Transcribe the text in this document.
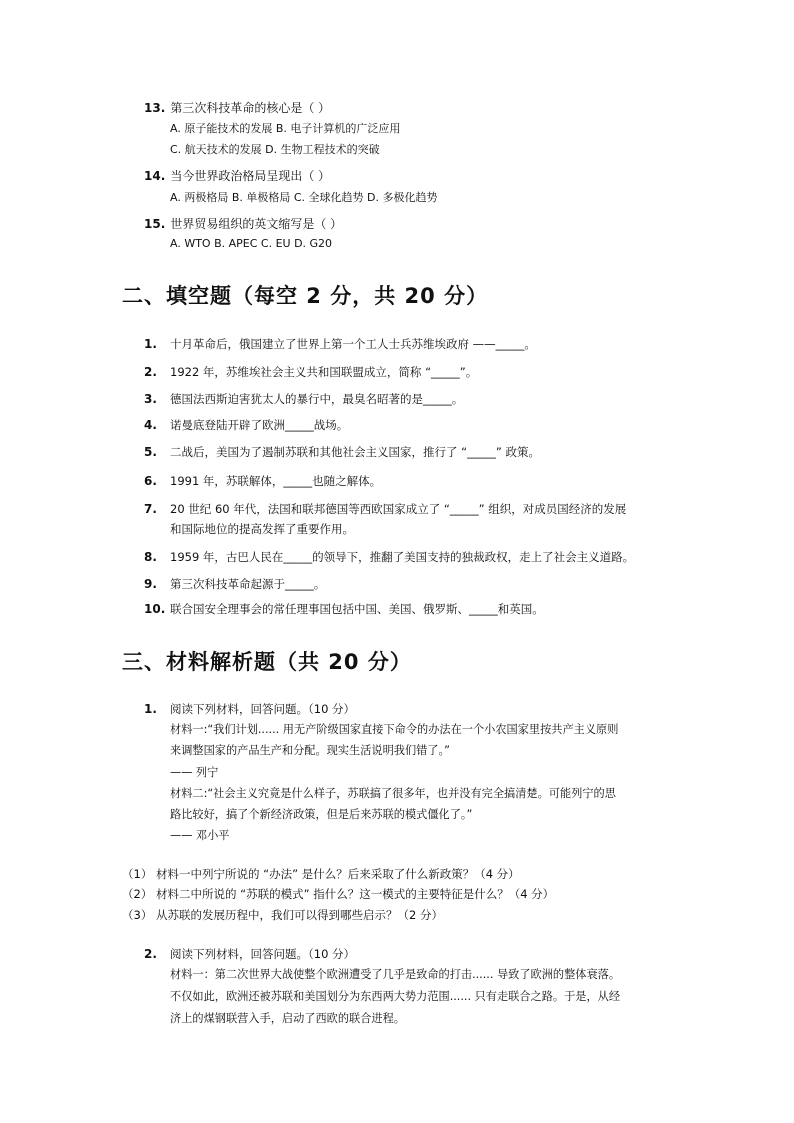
13. 第三次科技革命的核心是（ ）
A. 原子能技术的发展 B. 电子计算机的广泛应用
C. 航天技术的发展 D. 生物工程技术的突破
14. 当今世界政治格局呈现出（ ）
A. 两极格局 B. 单极格局 C. 全球化趋势 D. 多极化趋势
15. 世界贸易组织的英文缩写是（ ）
A. WTO B. APEC C. EU D. G20
二、填空题（每空 2 分，共 20 分）
1. 十月革命后，俄国建立了世界上第一个工人士兵苏维埃政府 ——_____。
2. 1922 年，苏维埃社会主义共和国联盟成立，简称 “_____”。
3. 德国法西斯迫害犹太人的暴行中，最臭名昭著的是_____。
4. 诺曼底登陆开辟了欧洲_____战场。
5. 二战后，美国为了遏制苏联和其他社会主义国家，推行了 “_____” 政策。
6. 1991 年，苏联解体，_____也随之解体。
7. 20 世纪 60 年代，法国和联邦德国等西欧国家成立了 “_____” 组织，对成员国经济的发展
和国际地位的提高发挥了重要作用。
8. 1959 年，古巴人民在_____的领导下，推翻了美国支持的独裁政权，走上了社会主义道路。
9. 第三次科技革命起源于_____。
10. 联合国安全理事会的常任理事国包括中国、美国、俄罗斯、_____和英国。
三、材料解析题（共 20 分）
1. 阅读下列材料，回答问题。（10 分）
材料一:“我们计划...... 用无产阶级国家直接下命令的办法在一个小农国家里按共产主义原则
来调整国家的产品生产和分配。现实生活说明我们错了。”
—— 列宁
材料二:“社会主义究竟是什么样子，苏联搞了很多年，也并没有完全搞清楚。可能列宁的思
路比较好，搞了个新经济政策，但是后来苏联的模式僵化了。”
—— 邓小平
（1） 材料一中列宁所说的 “办法” 是什么？后来采取了什么新政策？（4 分）
（2） 材料二中所说的 “苏联的模式” 指什么？这一模式的主要特征是什么？（4 分）
（3） 从苏联的发展历程中，我们可以得到哪些启示？（2 分）
2. 阅读下列材料，回答问题。（10 分）
材料一：第二次世界大战使整个欧洲遭受了几乎是致命的打击...... 导致了欧洲的整体衰落。
不仅如此，欧洲还被苏联和美国划分为东西两大势力范围...... 只有走联合之路。于是，从经
济上的煤钢联营入手，启动了西欧的联合进程。
